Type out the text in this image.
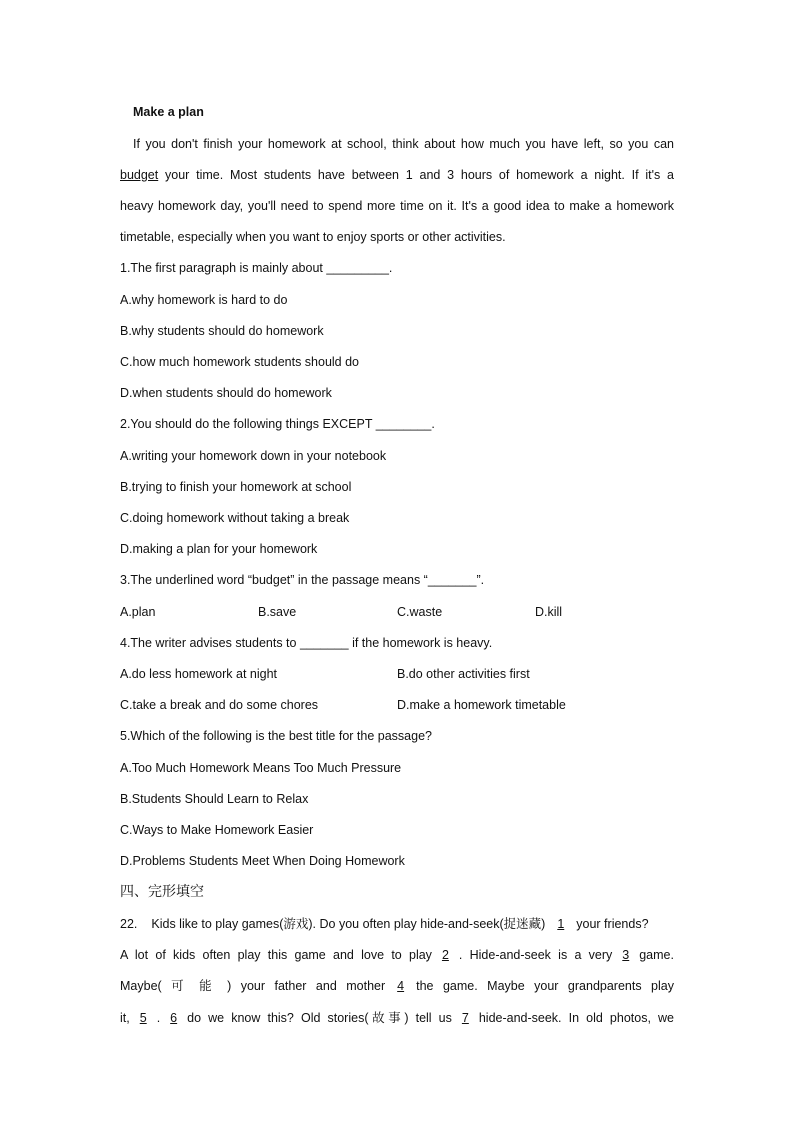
Make a plan
If you don't finish your homework at school, think about how much you have left, so you can
budget your time. Most students have between 1 and 3 hours of homework a night. If it's a
heavy homework day, you'll need to spend more time on it. It's a good idea to make a homework
timetable, especially when you want to enjoy sports or other activities.
1.The first paragraph is mainly about _________.
A.why homework is hard to do
B.why students should do homework
C.how much homework students should do
D.when students should do homework
2.You should do the following things EXCEPT ________.
A.writing your homework down in your notebook
B.trying to finish your homework at school
C.doing homework without taking a break
D.making a plan for your homework
3.The underlined word “budget” in the passage means “_______”.
A.plan	B.save	C.waste	D.kill
4.The writer advises students to _______ if the homework is heavy.
A.do less homework at night	B.do other activities first
C.take a break and do some chores	D.make a homework timetable
5.Which of the following is the best title for the passage?
A.Too Much Homework Means Too Much Pressure
B.Students Should Learn to Relax
C.Ways to Make Homework Easier
D.Problems Students Meet When Doing Homework
四、完形填空
22. Kids like to play games(游戏). Do you often play hide-and-seek(捉迷藏) 1 your friends?
A lot of kids often play this game and love to play 2 . Hide-and-seek is a very 3 game.
Maybe( 可 能 ) your father and mother 4 the game. Maybe your grandparents play
it, 5 . 6 do we know this? Old stories(故事) tell us 7 hide-and-seek. In old photos, we
